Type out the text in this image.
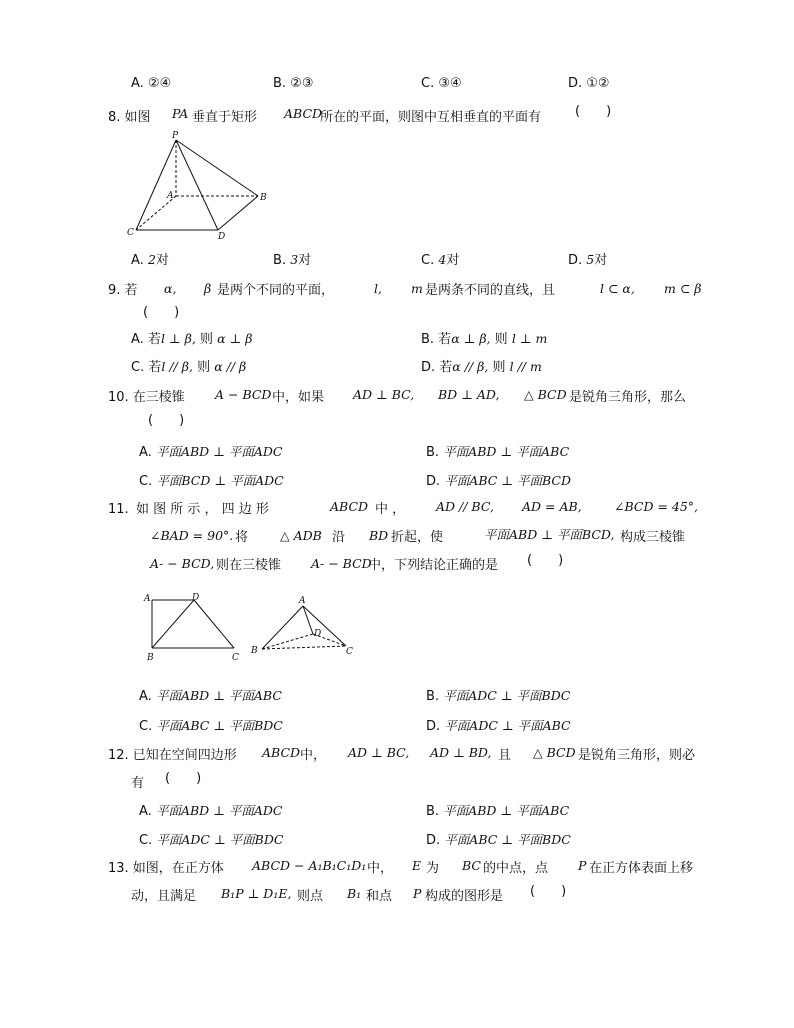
A. ②④	B. ②③	C. ③④	D. ①②
8. 如图 PA 垂直于矩形 ABCD
所在的平面，则图中互相垂直的平面有	(　　)
P
A	B
C	D
A. 2对	B. 3对	C. 4对	D. 5对
9. 若 α, β 是两个不同的平面，	l, m 是两条不同的直线，且	l ⊂ α, m ⊂ β
(　　)
A. 若l ⊥ β, 则 α ⊥ β	B. 若α ⊥ β, 则 l ⊥ m
C. 若l // β, 则 α // β	D. 若α // β, 则 l // m
10. 在三棱锥 A − BCD 中，如果 AD ⊥ BC, BD ⊥ AD, △ BCD 是锐角三角形，那么
(　　)
A. 平面ABD ⊥ 平面ADC	B. 平面ABD ⊥ 平面ABC
C. 平面BCD ⊥ 平面ADC	D. 平面ABC ⊥ 平面BCD
11. 如 图 所 示 ， 四 边 形	ABCD 中 ， AD // BC, AD = AB,	∠BCD = 45°,
∠BAD = 90°. 将	△ ADB 沿 BD 折起，使	平面ABD ⊥ 平面BCD, 构成三棱锥
A- − BCD, 则在三棱锥 A- − BCD
中，下列结论正确的是 (　　)
A	D
B	C
A
D
B	C
A. 平面ABD ⊥ 平面ABC	B. 平面ADC ⊥ 平面BDC
C. 平面ABC ⊥ 平面BDC	D. 平面ADC ⊥ 平面ABC
12. 已知在空间四边形 ABCD 中， AD ⊥ BC, AD ⊥ BD, 且 △ BCD 是锐角三角形，则必
有 (　　)
A. 平面ABD ⊥ 平面ADC	B. 平面ABD ⊥ 平面ABC
C. 平面ADC ⊥ 平面BDC	D. 平面ABC ⊥ 平面BDC
13. 如图，在正方体 ABCD − A₁B₁C₁D₁ 中， E 为 BC 的中点，点 P 在正方体表面上移
动，且满足 B₁P ⊥ D₁E, 则点 B₁ 和点 P 构成的图形是 (　　)
